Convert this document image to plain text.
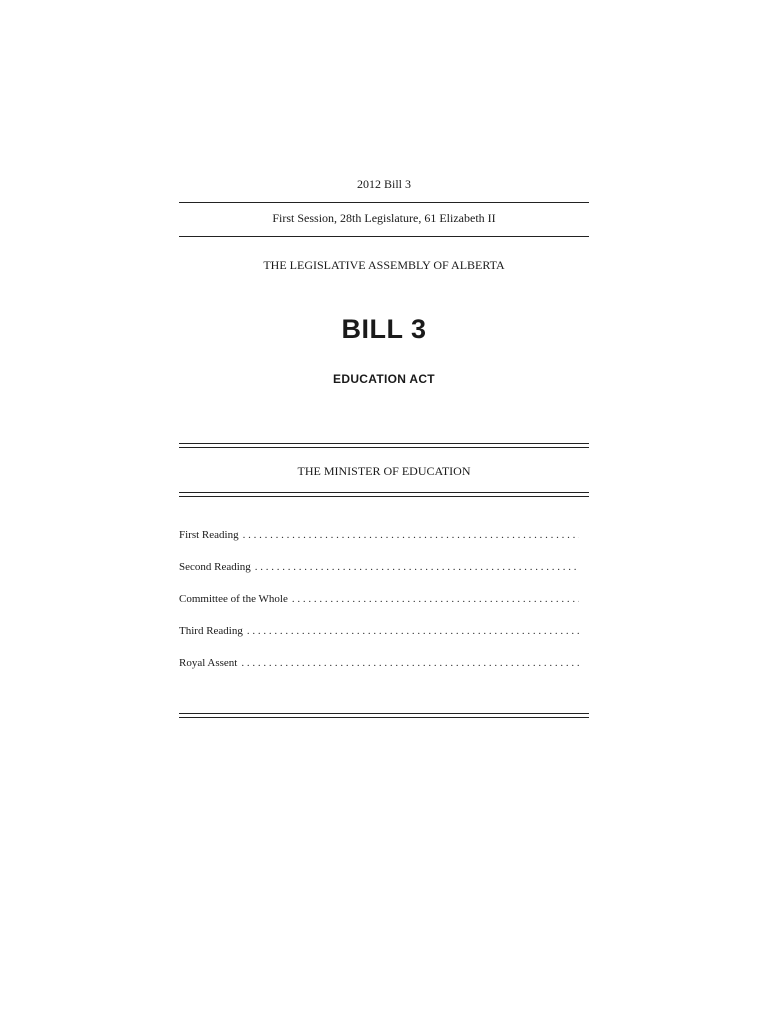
2012 Bill 3
First Session, 28th Legislature, 61 Elizabeth II
THE LEGISLATIVE ASSEMBLY OF ALBERTA
BILL 3
EDUCATION ACT
THE MINISTER OF EDUCATION
First Reading
. . .
Second Reading
. . .
Committee of the Whole
. . .
Third Reading
. . .
Royal Assent
. . .
